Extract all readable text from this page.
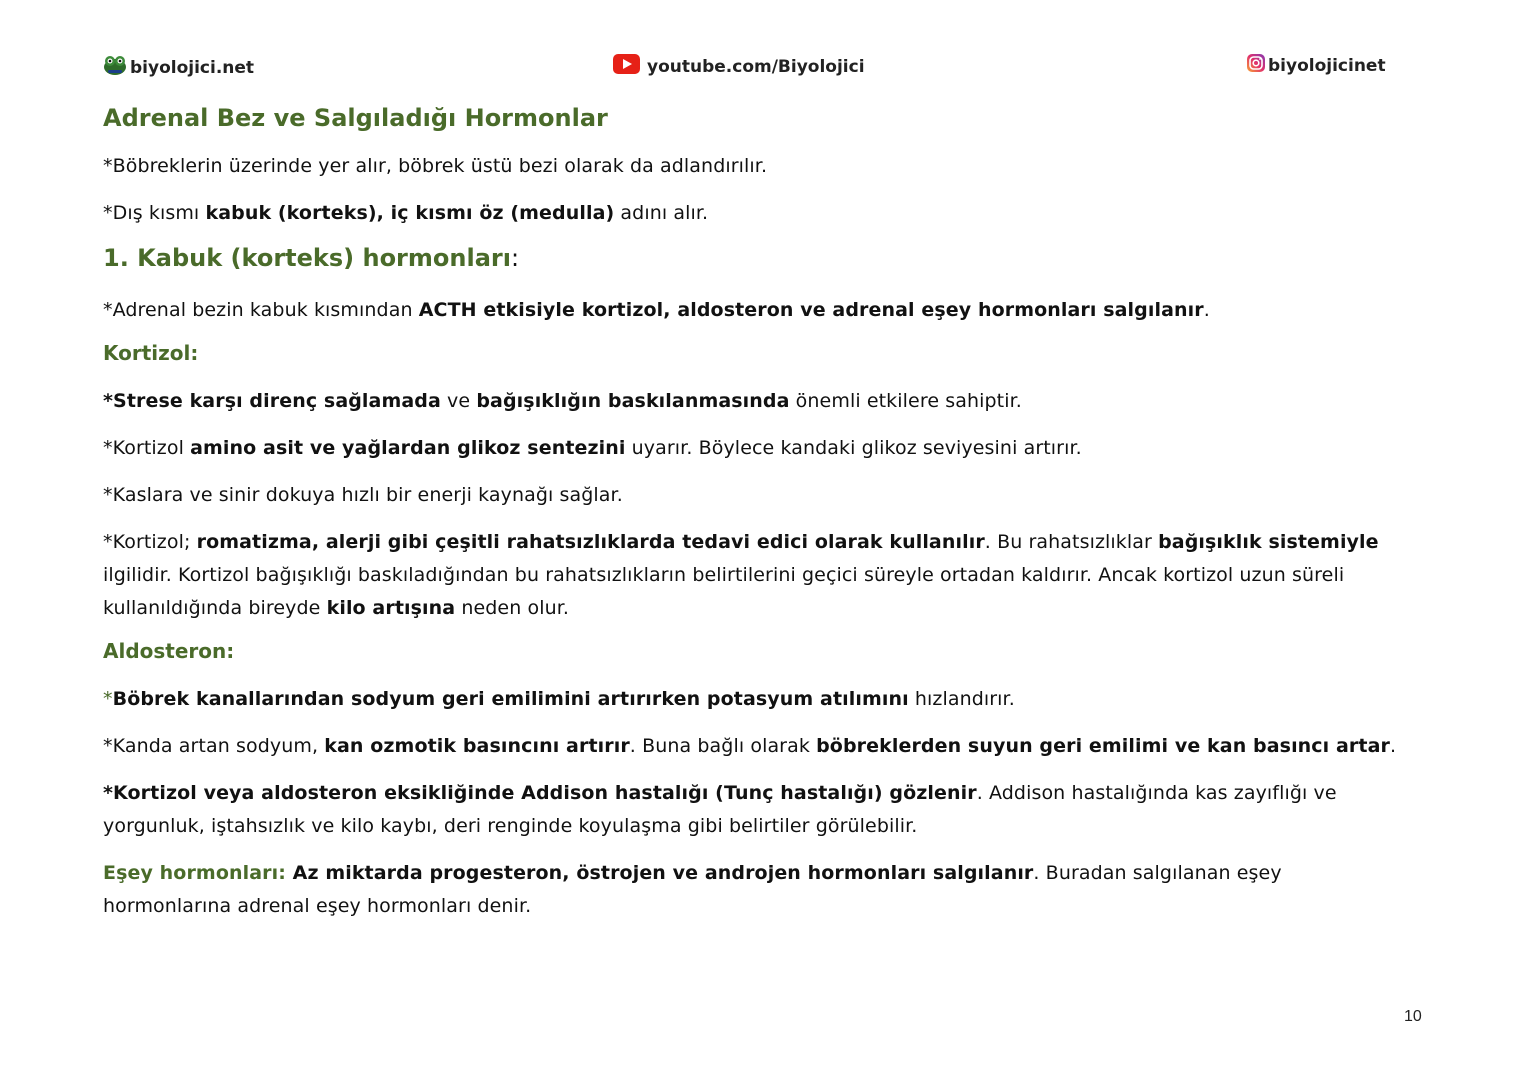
biyolojici.net	youtube.com/Biyolojici	biyolojicinet

Adrenal Bez ve Salgıladığı Hormonlar

*Böbreklerin üzerinde yer alır, böbrek üstü bezi olarak da adlandırılır.

*Dış kısmı kabuk (korteks), iç kısmı öz (medulla) adını alır.

1. Kabuk (korteks) hormonları:

*Adrenal bezin kabuk kısmından ACTH etkisiyle kortizol, aldosteron ve adrenal eşey hormonları salgılanır.

Kortizol:

*Strese karşı direnç sağlamada ve bağışıklığın baskılanmasında önemli etkilere sahiptir.

*Kortizol amino asit ve yağlardan glikoz sentezini uyarır. Böylece kandaki glikoz seviyesini artırır.

*Kaslara ve sinir dokuya hızlı bir enerji kaynağı sağlar.

*Kortizol; romatizma, alerji gibi çeşitli rahatsızlıklarda tedavi edici olarak kullanılır. Bu rahatsızlıklar bağışıklık sistemiyle ilgilidir. Kortizol bağışıklığı baskıladığından bu rahatsızlıkların belirtilerini geçici süreyle ortadan kaldırır. Ancak kortizol uzun süreli kullanıldığında bireyde kilo artışına neden olur.

Aldosteron:

*Böbrek kanallarından sodyum geri emilimini artırırken potasyum atılımını hızlandırır.

*Kanda artan sodyum, kan ozmotik basıncını artırır. Buna bağlı olarak böbreklerden suyun geri emilimi ve kan basıncı artar.

*Kortizol veya aldosteron eksikliğinde Addison hastalığı (Tunç hastalığı) gözlenir. Addison hastalığında kas zayıflığı ve yorgunluk, iştahsızlık ve kilo kaybı, deri renginde koyulaşma gibi belirtiler görülebilir.

Eşey hormonları: Az miktarda progesteron, östrojen ve androjen hormonları salgılanır. Buradan salgılanan eşey hormonlarına adrenal eşey hormonları denir.

10
